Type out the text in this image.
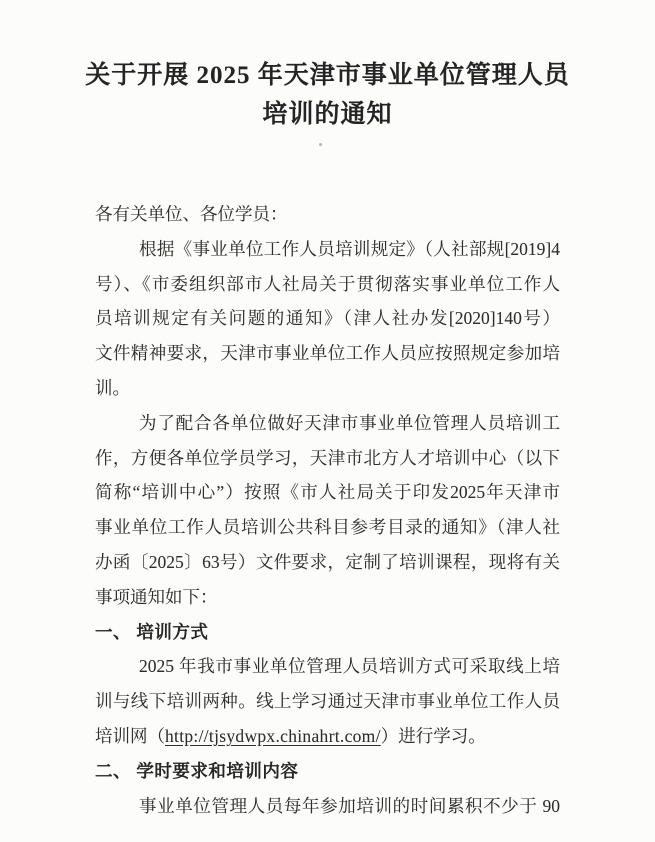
关于开展 2025 年天津市事业单位管理人员
培训的通知
各有关单位、各位学员：
根据《事业单位工作人员培训规定》（人社部规[2019]4
号）、《市委组织部市人社局关于贯彻落实事业单位工作人
员培训规定有关问题的通知》（津人社办发[2020]140号）
文件精神要求，天津市事业单位工作人员应按照规定参加培
训。
为了配合各单位做好天津市事业单位管理人员培训工
作，方便各单位学员学习，天津市北方人才培训中心（以下
简称“培训中心”）按照《市人社局关于印发2025年天津市
事业单位工作人员培训公共科目参考目录的通知》（津人社
办函〔2025〕63号）文件要求，定制了培训课程，现将有关
事项通知如下：
一、 培训方式
2025 年我市事业单位管理人员培训方式可采取线上培
训与线下培训两种。线上学习通过天津市事业单位工作人员
培训网（http://tjsydwpx.chinahrt.com/）进行学习。
二、 学时要求和培训内容
事业单位管理人员每年参加培训的时间累积不少于 90
